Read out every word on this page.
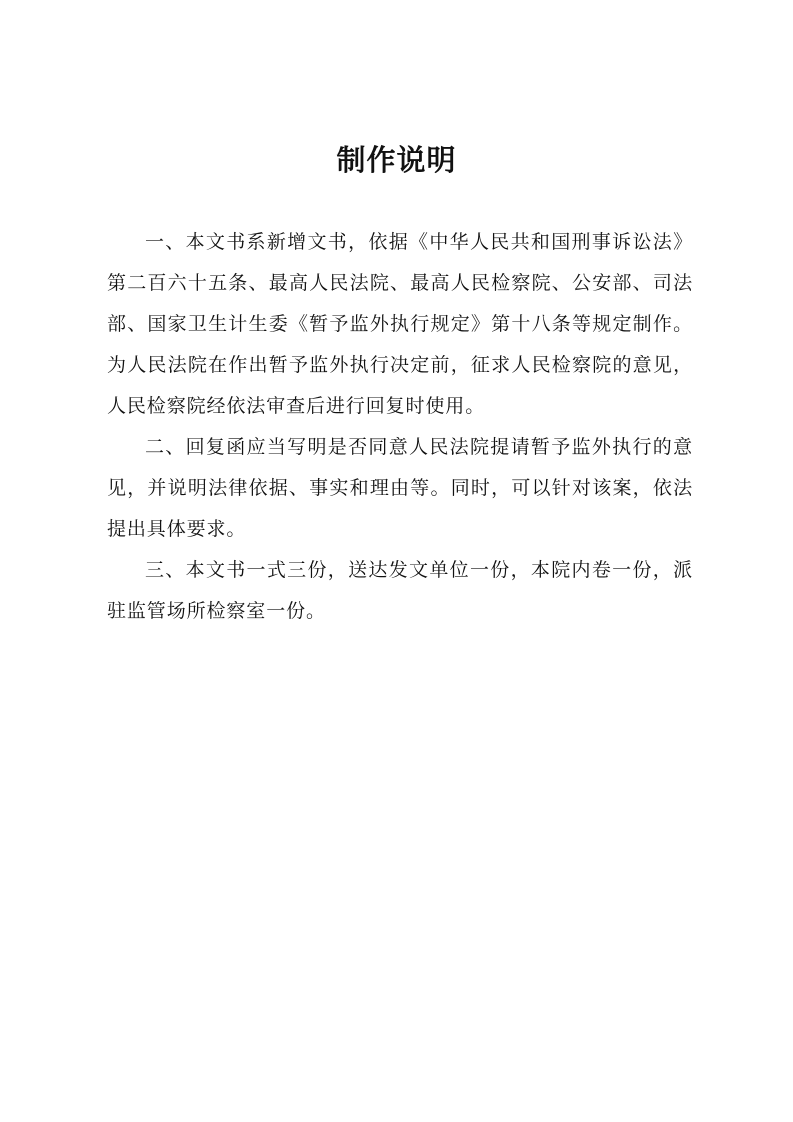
制作说明

一、本文书系新增文书，依据《中华人民共和国刑事诉讼法》第二百六十五条、最高人民法院、最高人民检察院、公安部、司法部、国家卫生计生委《暂予监外执行规定》第十八条等规定制作。为人民法院在作出暂予监外执行决定前，征求人民检察院的意见，人民检察院经依法审查后进行回复时使用。

二、回复函应当写明是否同意人民法院提请暂予监外执行的意见，并说明法律依据、事实和理由等。同时，可以针对该案，依法提出具体要求。

三、本文书一式三份，送达发文单位一份，本院内卷一份，派驻监管场所检察室一份。
